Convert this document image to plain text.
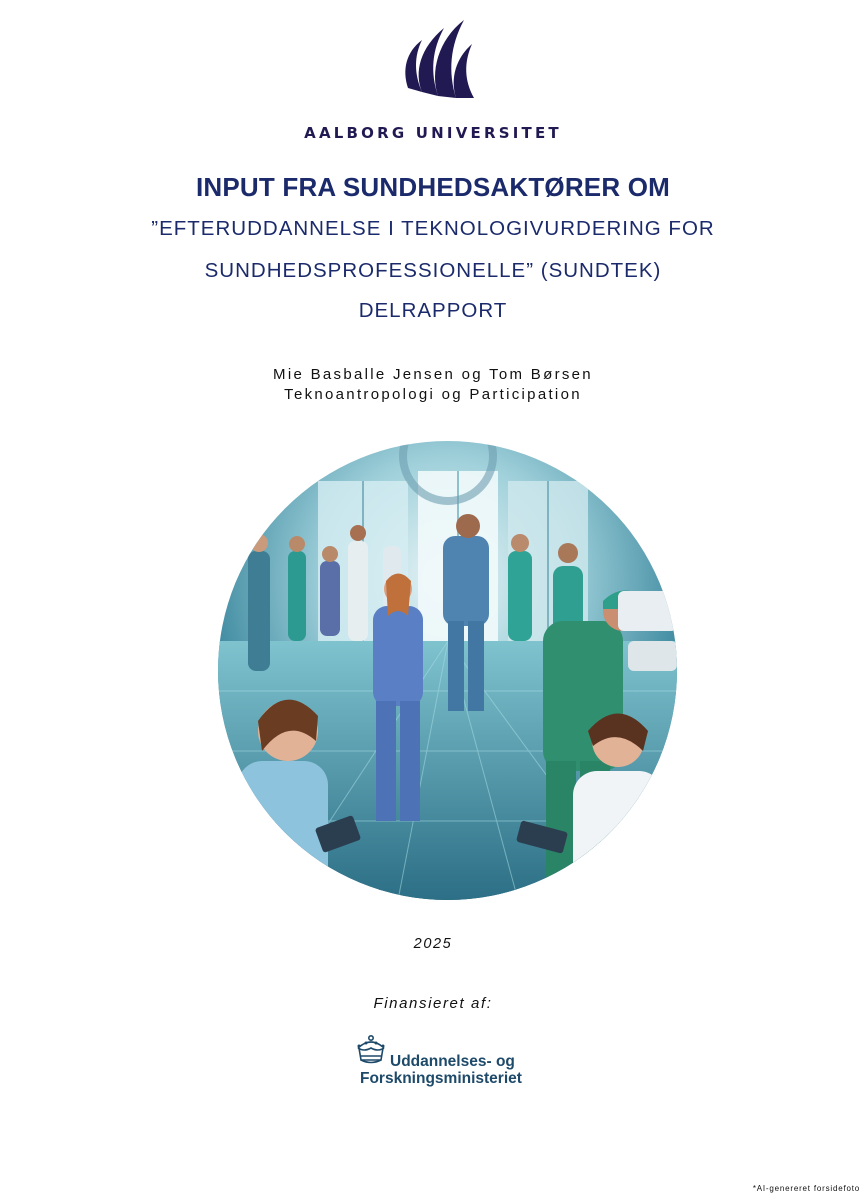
AALBORG UNIVERSITET
INPUT FRA SUNDHEDSAKTØRER OM
”EFTERUDDANNELSE I TEKNOLOGIVURDERING FOR
SUNDHEDSPROFESSIONELLE” (SUNDTEK)
DELRAPPORT
Mie Basballe Jensen og Tom Børsen
Teknoantropologi og Participation
2025
Finansieret af:
Uddannelses- og
Forskningsministeriet
*AI-genereret forsidefoto
